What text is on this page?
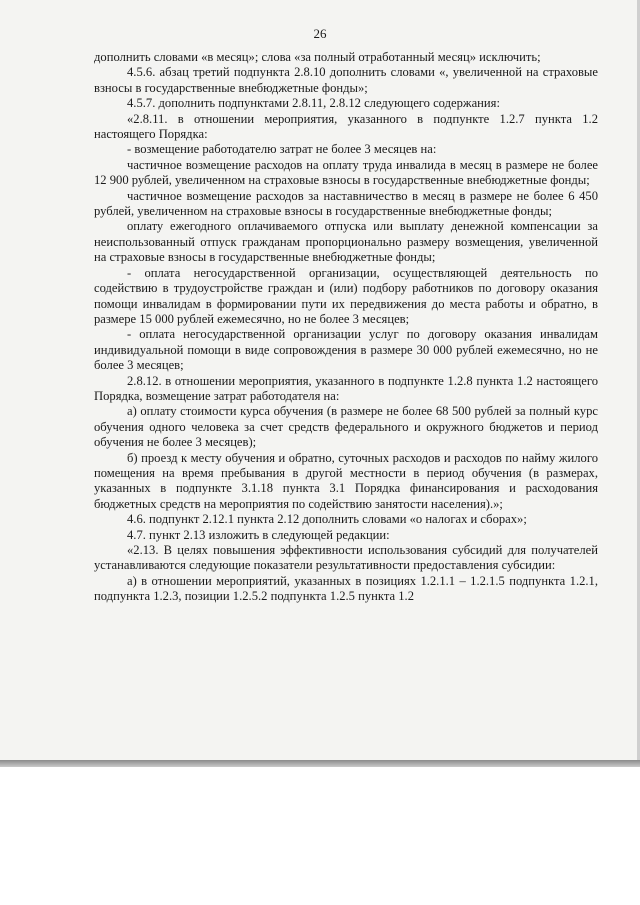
26

дополнить словами «в месяц»; слова «за полный отработанный месяц» исключить;

4.5.6. абзац третий подпункта 2.8.10 дополнить словами «, увеличенной на страховые взносы в государственные внебюджетные фонды»;

4.5.7. дополнить подпунктами 2.8.11, 2.8.12 следующего содержания:

«2.8.11. в отношении мероприятия, указанного в подпункте 1.2.7 пункта 1.2 настоящего Порядка:

- возмещение работодателю затрат не более 3 месяцев на:

частичное возмещение расходов на оплату труда инвалида в месяц в размере не более 12 900 рублей, увеличенном на страховые взносы в государственные внебюджетные фонды;

частичное возмещение расходов за наставничество в месяц в размере не более 6 450 рублей, увеличенном на страховые взносы в государственные внебюджетные фонды;

оплату ежегодного оплачиваемого отпуска или выплату денежной компенсации за неиспользованный отпуск гражданам пропорционально размеру возмещения, увеличенной на страховые взносы в государственные внебюджетные фонды;

- оплата негосударственной организации, осуществляющей деятельность по содействию в трудоустройстве граждан и (или) подбору работников по договору оказания помощи инвалидам в формировании пути их передвижения до места работы и обратно, в размере 15 000 рублей ежемесячно, но не более 3 месяцев;

- оплата негосударственной организации услуг по договору оказания инвалидам индивидуальной помощи в виде сопровождения в размере 30 000 рублей ежемесячно, но не более 3 месяцев;

2.8.12. в отношении мероприятия, указанного в подпункте 1.2.8 пункта 1.2 настоящего Порядка, возмещение затрат работодателя на:

а) оплату стоимости курса обучения (в размере не более 68 500 рублей за полный курс обучения одного человека за счет средств федерального и окружного бюджетов и период обучения не более 3 месяцев);

б) проезд к месту обучения и обратно, суточных расходов и расходов по найму жилого помещения на время пребывания в другой местности в период обучения (в размерах, указанных в подпункте 3.1.18 пункта 3.1 Порядка финансирования и расходования бюджетных средств на мероприятия по содействию занятости населения).»;

4.6. подпункт 2.12.1 пункта 2.12 дополнить словами «о налогах и сборах»;

4.7. пункт 2.13 изложить в следующей редакции:

«2.13. В целях повышения эффективности использования субсидий для получателей устанавливаются следующие показатели результативности предоставления субсидии:

а) в отношении мероприятий, указанных в позициях 1.2.1.1 – 1.2.1.5 подпункта 1.2.1, подпункта 1.2.3, позиции 1.2.5.2 подпункта 1.2.5 пункта 1.2
